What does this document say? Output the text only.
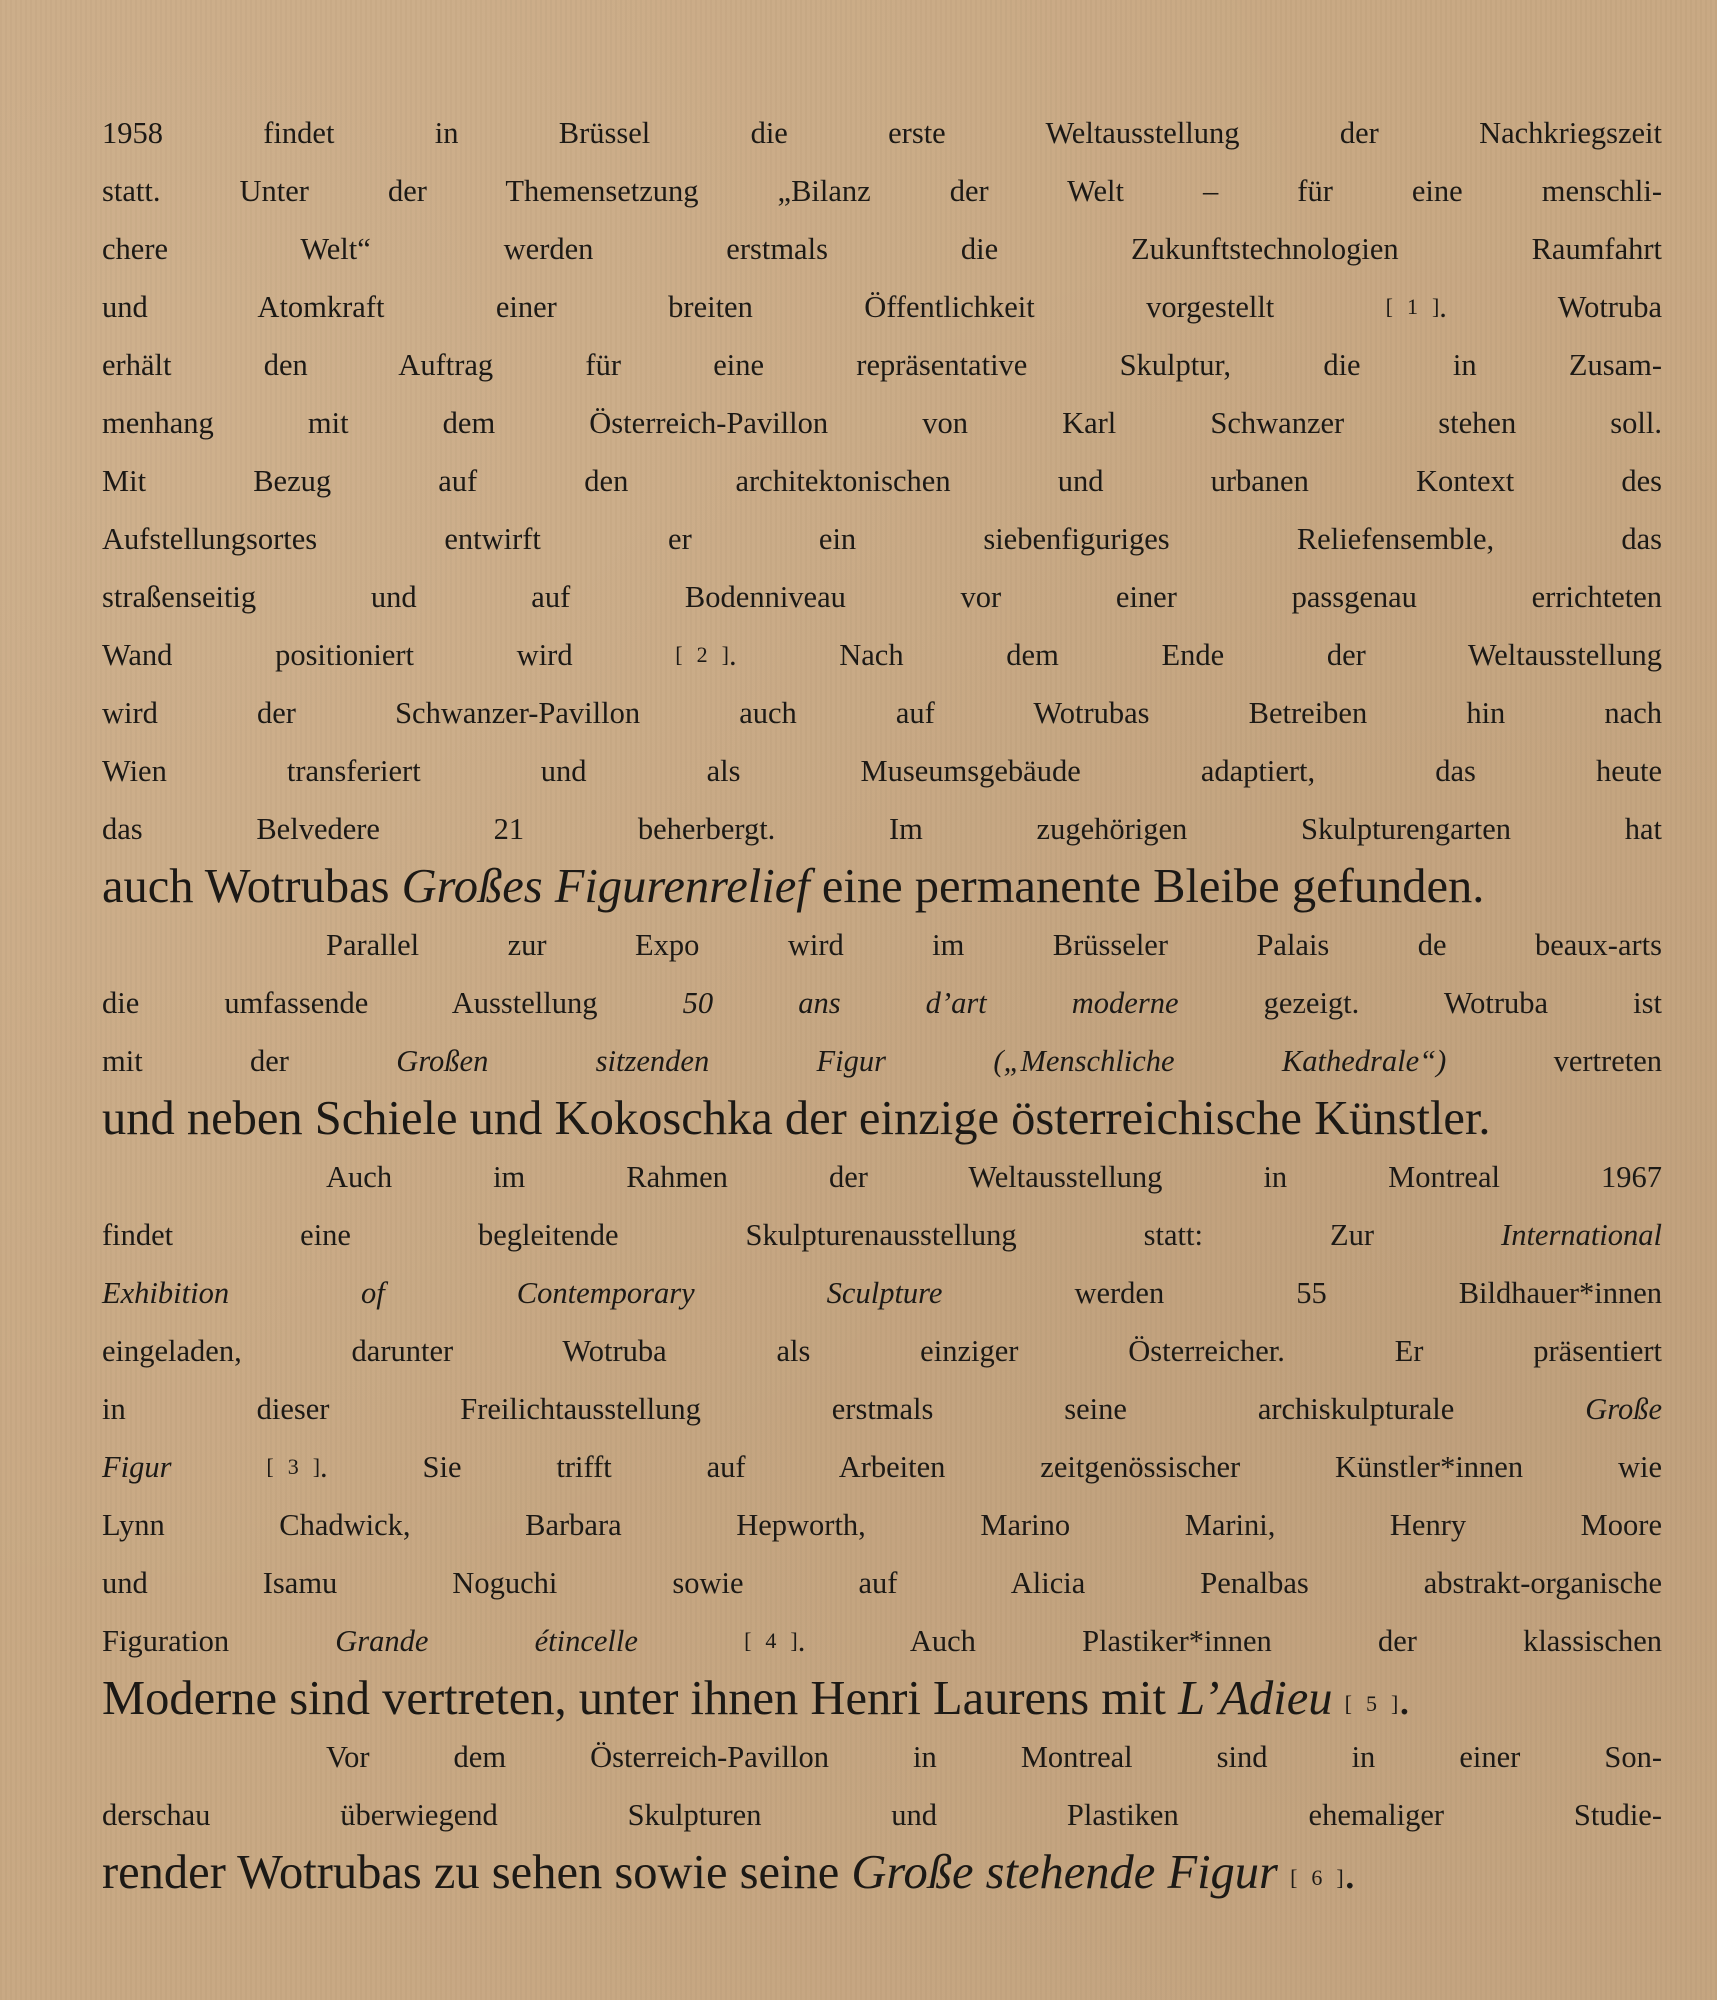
1958 findet in Brüssel die erste Weltausstellung der Nachkriegszeit
statt. Unter der Themensetzung „Bilanz der Welt – für eine menschli-
chere Welt“ werden erstmals die Zukunftstechnologien Raumfahrt
und Atomkraft einer breiten Öffentlichkeit vorgestellt [ 1 ]. Wotruba
erhält den Auftrag für eine repräsentative Skulptur, die in Zusam-
menhang mit dem Österreich-Pavillon von Karl Schwanzer stehen soll.
Mit Bezug auf den architektonischen und urbanen Kontext des
Aufstellungsortes entwirft er ein siebenfiguriges Reliefensemble, das
straßenseitig und auf Bodenniveau vor einer passgenau errichteten
Wand positioniert wird [ 2 ]. Nach dem Ende der Weltausstellung
wird der Schwanzer-Pavillon auch auf Wotrubas Betreiben hin nach
Wien transferiert und als Museumsgebäude adaptiert, das heute
das Belvedere 21 beherbergt. Im zugehörigen Skulpturengarten hat
auch Wotrubas Großes Figurenrelief eine permanente Bleibe gefunden.
Parallel zur Expo wird im Brüsseler Palais de beaux-arts
die umfassende Ausstellung 50 ans d’art moderne gezeigt. Wotruba ist
mit der Großen sitzenden Figur („Menschliche Kathedrale“) vertreten
und neben Schiele und Kokoschka der einzige österreichische Künstler.
Auch im Rahmen der Weltausstellung in Montreal 1967
findet eine begleitende Skulpturenausstellung statt: Zur International
Exhibition of Contemporary Sculpture werden 55 Bildhauer*innen
eingeladen, darunter Wotruba als einziger Österreicher. Er präsentiert
in dieser Freilichtausstellung erstmals seine archiskulpturale Große
Figur	[ 3 ]. Sie trifft auf Arbeiten zeitgenössischer Künstler*innen wie
Lynn Chadwick, Barbara Hepworth, Marino Marini, Henry Moore
und Isamu Noguchi sowie auf Alicia Penalbas abstrakt-organische
Figuration Grande étincelle	[ 4 ]. Auch Plastiker*innen der klassischen
Moderne sind vertreten, unter ihnen Henri Laurens mit L’Adieu [ 5 ].
Vor dem Österreich-Pavillon in Montreal sind in einer Son-
derschau überwiegend Skulpturen und Plastiken ehemaliger Studie-
render Wotrubas zu sehen sowie seine Große stehende Figur [ 6 ].
